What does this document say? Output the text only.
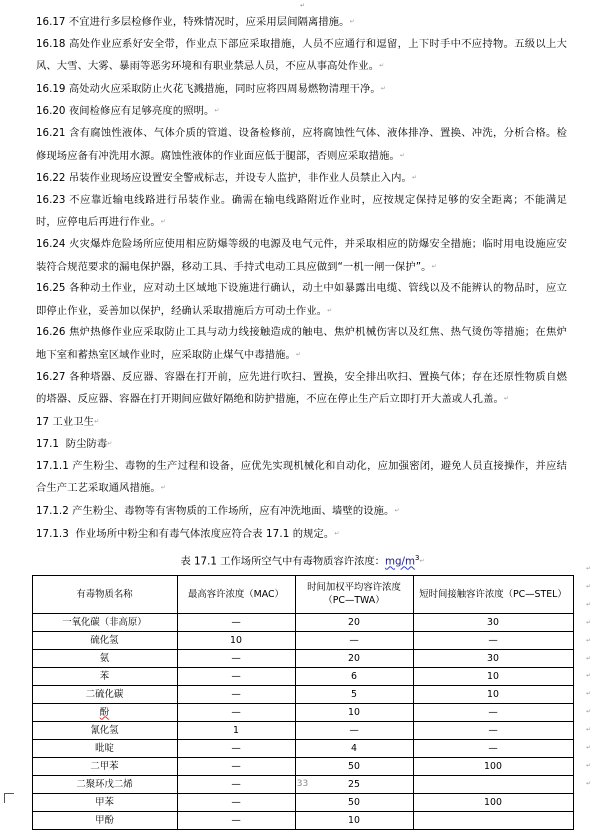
↵

16.17 不宜进行多层检修作业，特殊情况时，应采用层间隔离措施。↵

16.18 高处作业应系好安全带，作业点下部应采取措施，人员不应通行和逗留，上下时手中不应持物。五级以上大风、大雪、大雾、暴雨等恶劣环境和有职业禁忌人员，不应从事高处作业。↵

16.19 高处动火应采取防止火花飞溅措施，同时应将四周易燃物清理干净。↵

16.20 夜间检修应有足够亮度的照明。↵

16.21 含有腐蚀性液体、气体介质的管道、设备检修前，应将腐蚀性气体、液体排净、置换、冲洗，分析合格。检修现场应备有冲洗用水源。腐蚀性液体的作业面应低于腿部，否则应采取措施。↵

16.22 吊装作业现场应设置安全警戒标志，并设专人监护，非作业人员禁止入内。↵

16.23 不应靠近输电线路进行吊装作业。确需在输电线路附近作业时，应按规定保持足够的安全距离；不能满足时，应停电后再进行作业。↵

16.24 火灾爆炸危险场所应使用相应防爆等级的电源及电气元件，并采取相应的防爆安全措施；临时用电设施应安装符合规范要求的漏电保护器，移动工具、手持式电动工具应做到“一机一闸一保护”。↵

16.25 各种动土作业，应对动土区域地下设施进行确认，动土中如暴露出电缆、管线以及不能辨认的物品时，应立即停止作业，妥善加以保护，经确认采取措施后方可动土作业。↵

16.26 焦炉热修作业应采取防止工具与动力线接触造成的触电、焦炉机械伤害以及红焦、热气烫伤等措施；在焦炉地下室和蓄热室区域作业时，应采取防止煤气中毒措施。↵

16.27 各种塔器、反应器、容器在打开前，应先进行吹扫、置换，安全排出吹扫、置换气体；存在还原性物质自燃的塔器、反应器、容器在打开期间应做好隔绝和防护措施，不应在停止生产后立即打开大盖或人孔盖。↵

17 工业卫生↵

17.1 防尘防毒↵

17.1.1 产生粉尘、毒物的生产过程和设备，应优先实现机械化和自动化，应加强密闭，避免人员直接操作，并应结合生产工艺采取通风措施。↵

17.1.2 产生粉尘、毒物等有害物质的工作场所，应有冲洗地面、墙壁的设施。↵

17.1.3 作业场所中粉尘和有毒气体浓度应符合表 17.1 的规定。↵

表 17.1 工作场所空气中有毒物质容许浓度：$mg/m^3↵$
有毒物质名称	最高容许浓度（MAC）	时间加权平均容许浓度（PC—TWA）	短时间接触容许浓度（PC—STEL）
一氧化碳（非高原）	—	20	30
硫化氢	10	—	—
氨	—	20	30
苯	—	6	10
二硫化碳	—	5	10
酚	—	10	—
氰化氢	1	—	—
吡啶	—	4	—
二甲苯	—	50	100
二聚环戊二烯	—	25	
甲苯	—	50	100
甲酚	—	10	
↵
↵
↵
↵
↵
↵
↵
↵
↵
↵
↵
↵
↵
33
